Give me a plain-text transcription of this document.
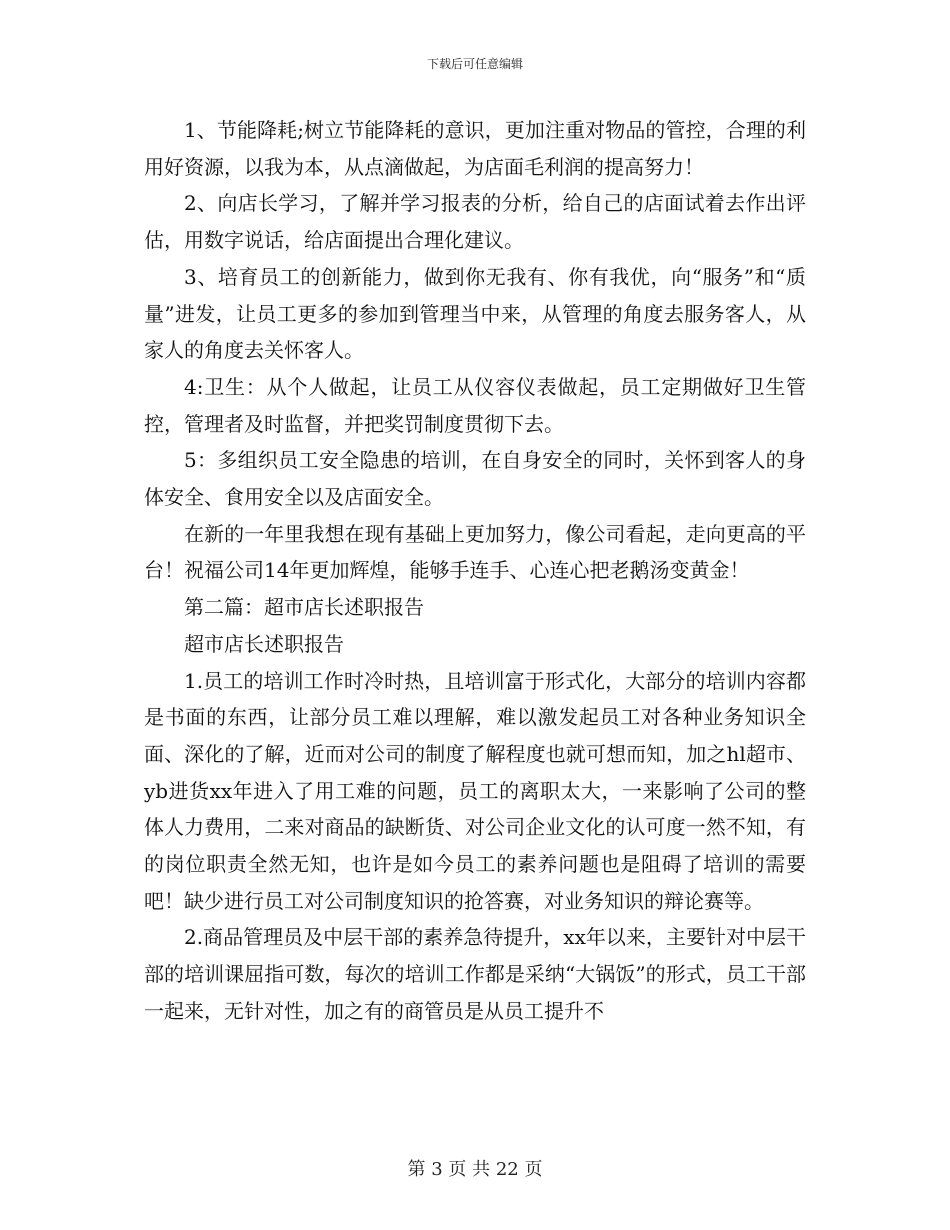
下载后可任意编辑

1、节能降耗;树立节能降耗的意识，更加注重对物品的管控，合理的利用好资源，以我为本，从点滴做起，为店面毛利润的提高努力！

2、向店长学习，了解并学习报表的分析，给自己的店面试着去作出评估，用数字说话，给店面提出合理化建议。

3、培育员工的创新能力，做到你无我有、你有我优，向“服务”和“质量”进发，让员工更多的参加到管理当中来，从管理的角度去服务客人，从家人的角度去关怀客人。

4:卫生：从个人做起，让员工从仪容仪表做起，员工定期做好卫生管控，管理者及时监督，并把奖罚制度贯彻下去。

5：多组织员工安全隐患的培训，在自身安全的同时，关怀到客人的身体安全、食用安全以及店面安全。

在新的一年里我想在现有基础上更加努力，像公司看起，走向更高的平台！祝福公司14年更加辉煌，能够手连手、心连心把老鹅汤变黄金！

第二篇：超市店长述职报告

超市店长述职报告

1.员工的培训工作时冷时热，且培训富于形式化，大部分的培训内容都是书面的东西，让部分员工难以理解，难以激发起员工对各种业务知识全面、深化的了解，近而对公司的制度了解程度也就可想而知，加之hl超市、yb进货xx年进入了用工难的问题，员工的离职太大，一来影响了公司的整体人力费用，二来对商品的缺断货、对公司企业文化的认可度一然不知，有的岗位职责全然无知，也许是如今员工的素养问题也是阻碍了培训的需要吧！缺少进行员工对公司制度知识的抢答赛，对业务知识的辩论赛等。

2.商品管理员及中层干部的素养急待提升，xx年以来，主要针对中层干部的培训课屈指可数，每次的培训工作都是采纳“大锅饭”的形式，员工干部一起来，无针对性，加之有的商管员是从员工提升不

第 3 页 共 22 页
